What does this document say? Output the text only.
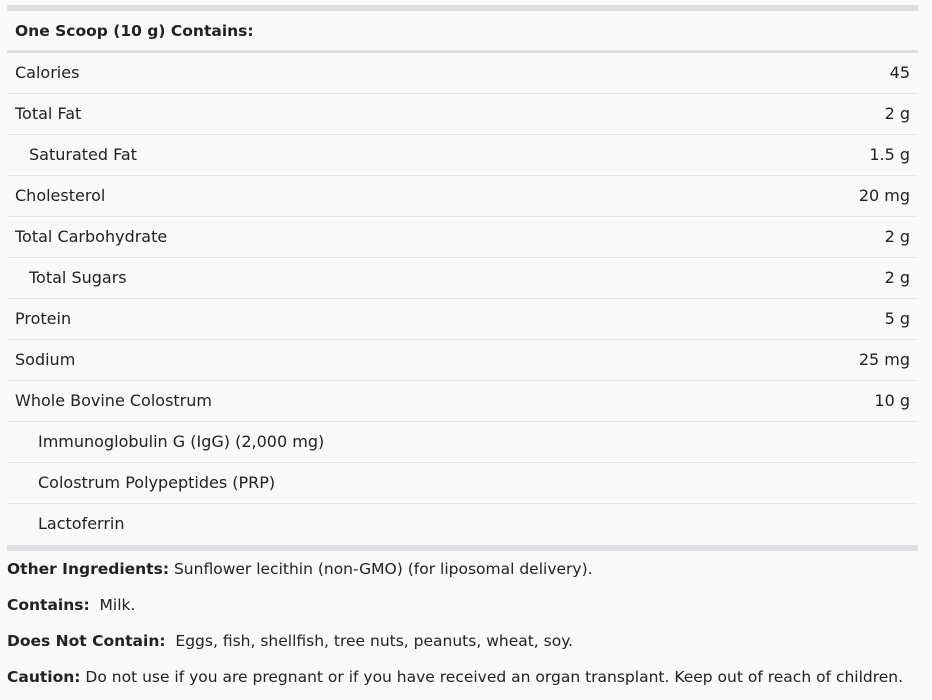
One Scoop (10 g) Contains:
Calories	45
Total Fat	2 g
Saturated Fat	1.5 g
Cholesterol	20 mg
Total Carbohydrate	2 g
Total Sugars	2 g
Protein	5 g
Sodium	25 mg
Whole Bovine Colostrum	10 g
Immunoglobulin G (IgG) (2,000 mg)
Colostrum Polypeptides (PRP)
Lactoferrin
Other Ingredients: Sunflower lecithin (non-GMO) (for liposomal delivery).
Contains:  Milk.
Does Not Contain:  Eggs, fish, shellfish, tree nuts, peanuts, wheat, soy.
Caution: Do not use if you are pregnant or if you have received an organ transplant. Keep out of reach of children.
